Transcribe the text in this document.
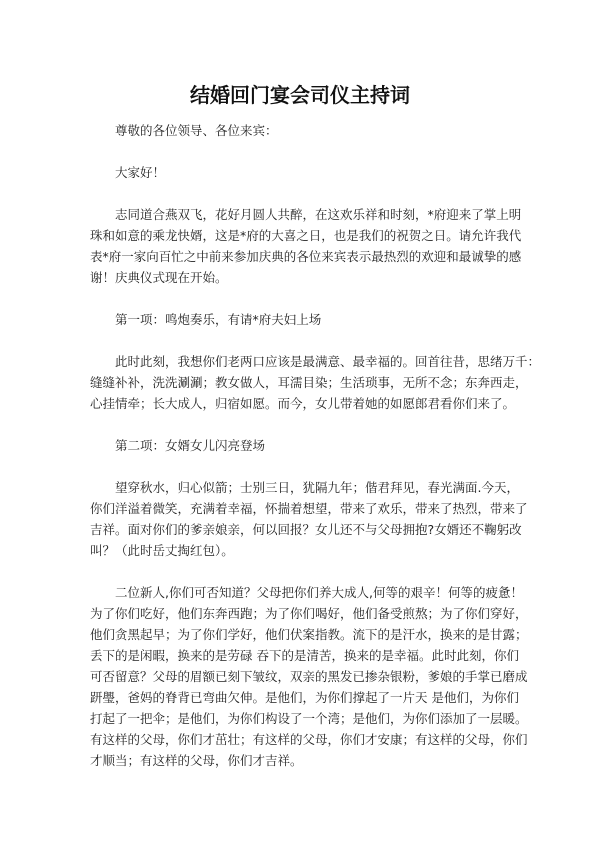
结婚回门宴会司仪主持词

尊敬的各位领导、各位来宾：

大家好！

志同道合燕双飞，花好月圆人共醉，在这欢乐祥和时刻，*府迎来了掌上明
珠和如意的乘龙快婿，这是*府的大喜之日，也是我们的祝贺之日。请允许我代
表*府一家向百忙之中前来参加庆典的各位来宾表示最热烈的欢迎和最诚挚的感
谢！庆典仪式现在开始。

第一项：鸣炮奏乐，有请*府夫妇上场

此时此刻，我想你们老两口应该是最满意、最幸福的。回首往昔，思绪万千：
缝缝补补，洗洗涮涮；教女做人，耳濡目染；生活琐事，无所不念；东奔西走，
心挂情牵；长大成人，归宿如愿。而今，女儿带着她的如愿郎君看你们来了。

第二项：女婿女儿闪亮登场

望穿秋水，归心似箭；士别三日，犹隔九年；偕君拜见，春光满面.今天，
你们洋溢着微笑，充满着幸福，怀揣着想望，带来了欢乐，带来了热烈，带来了
吉祥。面对你们的爹亲娘亲，何以回报？女儿还不与父母拥抱?女婿还不鞠躬改
叫？（此时岳丈掏红包）。

二位新人,你们可否知道？父母把你们养大成人,何等的艰辛！何等的疲惫！
为了你们吃好，他们东奔西跑；为了你们喝好，他们备受煎熬；为了你们穿好，
他们贪黑起早；为了你们学好，他们伏案指教。流下的是汗水，换来的是甘露；
丢下的是闲暇，换来的是劳碌 吞下的是清苦，换来的是幸福。此时此刻，你们
可否留意？父母的眉额已刻下皱纹，双亲的黑发已掺杂银粉，爹娘的手掌已磨成
趼璺，爸妈的脊背已弯曲欠伸。是他们，为你们撑起了一片天 是他们，为你们
打起了一把伞；是他们，为你们构设了一个湾；是他们，为你们添加了一层暖。
有这样的父母，你们才茁壮；有这样的父母，你们才安康；有这样的父母，你们
才顺当；有这样的父母，你们才吉祥。
